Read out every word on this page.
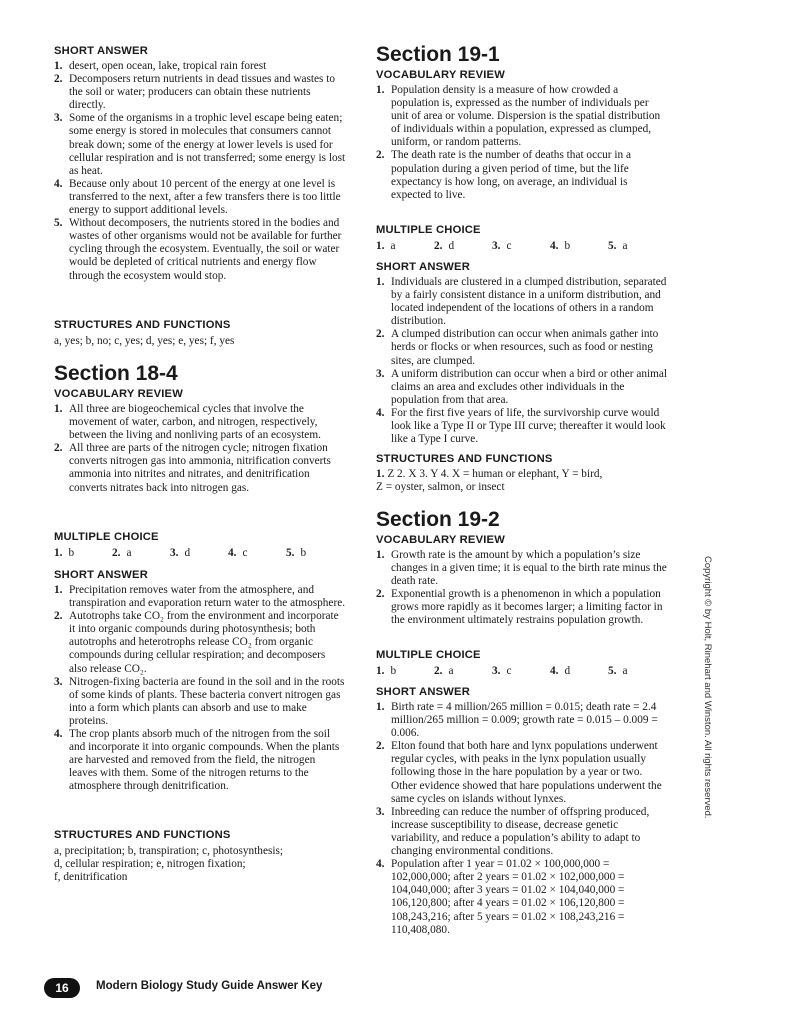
SHORT ANSWER
1. desert, open ocean, lake, tropical rain forest
2. Decomposers return nutrients in dead tissues and wastes to the soil or water; producers can obtain these nutrients directly.
3. Some of the organisms in a trophic level escape being eaten; some energy is stored in molecules that consumers cannot break down; some of the energy at lower levels is used for cellular respiration and is not transferred; some energy is lost as heat.
4. Because only about 10 percent of the energy at one level is transferred to the next, after a few transfers there is too little energy to support additional levels.
5. Without decomposers, the nutrients stored in the bodies and wastes of other organisms would not be available for further cycling through the ecosystem. Eventually, the soil or water would be depleted of critical nutrients and energy flow through the ecosystem would stop.
STRUCTURES AND FUNCTIONS

a, yes; b, no; c, yes; d, yes; e, yes; f, yes

Section 18-4
VOCABULARY REVIEW
1. All three are biogeochemical cycles that involve the movement of water, carbon, and nitrogen, respectively, between the living and nonliving parts of an ecosystem.
2. All three are parts of the nitrogen cycle; nitrogen fixation converts nitrogen gas into ammonia, nitrification converts ammonia into nitrites and nitrates, and denitrification converts nitrates back into nitrogen gas.
MULTIPLE CHOICE
1. b	2. a	3. d	4. c	5. b
SHORT ANSWER
1. Precipitation removes water from the atmosphere, and transpiration and evaporation return water to the atmosphere.
2. Autotrophs take CO₂ from the environment and incorporate it into organic compounds during photosynthesis; both autotrophs and heterotrophs release CO₂ from organic compounds during cellular respiration; and decomposers also release CO₂.
3. Nitrogen-fixing bacteria are found in the soil and in the roots of some kinds of plants. These bacteria convert nitrogen gas into a form which plants can absorb and use to make proteins.
4. The crop plants absorb much of the nitrogen from the soil and incorporate it into organic compounds. When the plants are harvested and removed from the field, the nitrogen leaves with them. Some of the nitrogen returns to the atmosphere through denitrification.
STRUCTURES AND FUNCTIONS
a, precipitation; b, transpiration; c, photosynthesis;
d, cellular respiration; e, nitrogen fixation;
f, denitrification
Section 19-1
VOCABULARY REVIEW
1. Population density is a measure of how crowded a population is, expressed as the number of individuals per unit of area or volume. Dispersion is the spatial distribution of individuals within a population, expressed as clumped, uniform, or random patterns.
2. The death rate is the number of deaths that occur in a population during a given period of time, but the life expectancy is how long, on average, an individual is expected to live.
MULTIPLE CHOICE
1. a	2. d	3. c	4. b	5. a
SHORT ANSWER
1. Individuals are clustered in a clumped distribution, separated by a fairly consistent distance in a uniform distribution, and located independent of the locations of others in a random distribution.
2. A clumped distribution can occur when animals gather into herds or flocks or when resources, such as food or nesting sites, are clumped.
3. A uniform distribution can occur when a bird or other animal claims an area and excludes other individuals in the population from that area.
4. For the first five years of life, the survivorship curve would look like a Type II or Type III curve; thereafter it would look like a Type I curve.
STRUCTURES AND FUNCTIONS
1. Z 2. X 3. Y 4. X = human or elephant, Y = bird,
Z = oyster, salmon, or insect
Section 19-2
VOCABULARY REVIEW
1. Growth rate is the amount by which a population’s size changes in a given time; it is equal to the birth rate minus the death rate.
2. Exponential growth is a phenomenon in which a population grows more rapidly as it becomes larger; a limiting factor in the environment ultimately restrains population growth.
MULTIPLE CHOICE
1. b	2. a	3. c	4. d	5. a
SHORT ANSWER
1. Birth rate = 4 million/265 million = 0.015; death rate = 2.4 million/265 million = 0.009; growth rate = 0.015 – 0.009 = 0.006.
2. Elton found that both hare and lynx populations underwent regular cycles, with peaks in the lynx population usually following those in the hare population by a year or two. Other evidence showed that hare populations underwent the same cycles on islands without lynxes.
3. Inbreeding can reduce the number of offspring produced, increase susceptibility to disease, decrease genetic variability, and reduce a population’s ability to adapt to changing environmental conditions.
4. Population after 1 year = 01.02 × 100,000,000 = 102,000,000; after 2 years = 01.02 × 102,000,000 = 104,040,000; after 3 years = 01.02 × 104,040,000 = 106,120,800; after 4 years = 01.02 × 106,120,800 = 108,243,216; after 5 years = 01.02 × 108,243,216 = 110,408,080.
Copyright © by Holt, Rinehart and Winston. All rights reserved.
16	Modern Biology Study Guide Answer Key
